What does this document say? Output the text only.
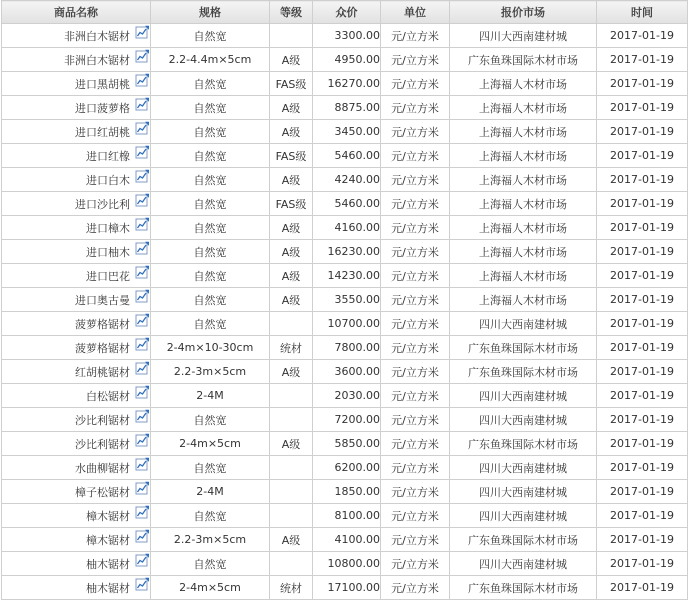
商品名称	规格	等级	众价	单位	报价市场	时间
非洲白木锯材	自然宽		3300.00	元/立方米	四川大西南建材城	2017-01-19
非洲白木锯材	2.2-4.4m×5cm	A级	4950.00	元/立方米	广东鱼珠国际木材市场	2017-01-19
进口黑胡桃	自然宽	FAS级	16270.00	元/立方米	上海福人木材市场	2017-01-19
进口菠萝格	自然宽	A级	8875.00	元/立方米	上海福人木材市场	2017-01-19
进口红胡桃	自然宽	A级	3450.00	元/立方米	上海福人木材市场	2017-01-19
进口红橡	自然宽	FAS级	5460.00	元/立方米	上海福人木材市场	2017-01-19
进口白木	自然宽	A级	4240.00	元/立方米	上海福人木材市场	2017-01-19
进口沙比利	自然宽	FAS级	5460.00	元/立方米	上海福人木材市场	2017-01-19
进口樟木	自然宽	A级	4160.00	元/立方米	上海福人木材市场	2017-01-19
进口柚木	自然宽	A级	16230.00	元/立方米	上海福人木材市场	2017-01-19
进口巴花	自然宽	A级	14230.00	元/立方米	上海福人木材市场	2017-01-19
进口奥古曼	自然宽	A级	3550.00	元/立方米	上海福人木材市场	2017-01-19
菠萝格锯材	自然宽		10700.00	元/立方米	四川大西南建材城	2017-01-19
菠萝格锯材	2-4m×10-30cm	统材	7800.00	元/立方米	广东鱼珠国际木材市场	2017-01-19
红胡桃锯材	2.2-3m×5cm	A级	3600.00	元/立方米	广东鱼珠国际木材市场	2017-01-19
白松锯材	2-4M		2030.00	元/立方米	四川大西南建材城	2017-01-19
沙比利锯材	自然宽		7200.00	元/立方米	四川大西南建材城	2017-01-19
沙比利锯材	2-4m×5cm	A级	5850.00	元/立方米	广东鱼珠国际木材市场	2017-01-19
水曲柳锯材	自然宽		6200.00	元/立方米	四川大西南建材城	2017-01-19
樟子松锯材	2-4M		1850.00	元/立方米	四川大西南建材城	2017-01-19
樟木锯材	自然宽		8100.00	元/立方米	四川大西南建材城	2017-01-19
樟木锯材	2.2-3m×5cm	A级	4100.00	元/立方米	广东鱼珠国际木材市场	2017-01-19
柚木锯材	自然宽		10800.00	元/立方米	四川大西南建材城	2017-01-19
柚木锯材	2-4m×5cm	统材	17100.00	元/立方米	广东鱼珠国际木材市场	2017-01-19
